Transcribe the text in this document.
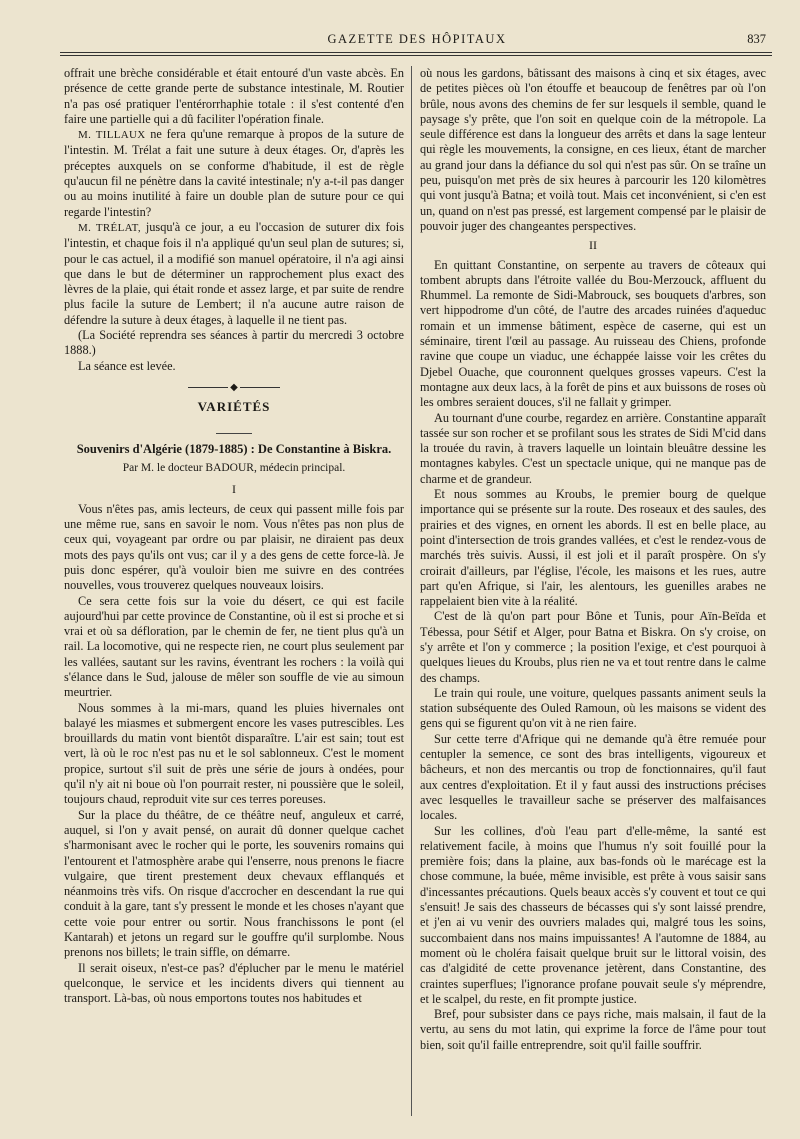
GAZETTE DES HÔPITAUX	837

offrait une brèche considérable et était entouré d'un vaste abcès. En présence de cette grande perte de substance intestinale, M. Routier n'a pas osé pratiquer l'entérorrhaphie totale : il s'est contenté d'en faire une partielle qui a dû faciliter l'opération finale.

M. TILLAUX ne fera qu'une remarque à propos de la suture de l'intestin. M. Trélat a fait une suture à deux étages. Or, d'après les préceptes auxquels on se conforme d'habitude, il est de règle qu'aucun fil ne pénètre dans la cavité intestinale; n'y a-t-il pas danger ou au moins inutilité à faire un double plan de suture pour ce qui regarde l'intestin?

M. TRÉLAT, jusqu'à ce jour, a eu l'occasion de suturer dix fois l'intestin, et chaque fois il n'a appliqué qu'un seul plan de sutures; si, pour le cas actuel, il a modifié son manuel opératoire, il n'a agi ainsi que dans le but de déterminer un rapprochement plus exact des lèvres de la plaie, qui était ronde et assez large, et par suite de rendre plus facile la suture de Lembert; il n'a aucune autre raison de défendre la suture à deux étages, à laquelle il ne tient pas.

(La Société reprendra ses séances à partir du mercredi 3 octobre 1888.)

La séance est levée.

◆
VARIÉTÉS
Souvenirs d'Algérie (1879-1885) : De Constantine à Biskra.
Par M. le docteur BADOUR, médecin principal.
I

Vous n'êtes pas, amis lecteurs, de ceux qui passent mille fois par une même rue, sans en savoir le nom. Vous n'êtes pas non plus de ceux qui, voyageant par ordre ou par plaisir, ne diraient pas deux mots des pays qu'ils ont vus; car il y a des gens de cette force-là. Je puis donc espérer, qu'à vouloir bien me suivre en des contrées nouvelles, vous trouverez quelques nouveaux loisirs.

Ce sera cette fois sur la voie du désert, ce qui est facile aujourd'hui par cette province de Constantine, où il est si proche et si vrai et où sa défloration, par le chemin de fer, ne tient plus qu'à un rail. La locomotive, qui ne respecte rien, ne court plus seulement par les vallées, sautant sur les ravins, éventrant les rochers : la voilà qui s'élance dans le Sud, jalouse de mêler son souffle de vie au simoun meurtrier.

Nous sommes à la mi-mars, quand les pluies hivernales ont balayé les miasmes et submergent encore les vases putrescibles. Les brouillards du matin vont bientôt disparaître. L'air est sain; tout est vert, là où le roc n'est pas nu et le sol sablonneux. C'est le moment propice, surtout s'il suit de près une série de jours à ondées, pour qu'il n'y ait ni boue où l'on pourrait rester, ni poussière que le soleil, toujours chaud, reproduit vite sur ces terres poreuses.

Sur la place du théâtre, de ce théâtre neuf, anguleux et carré, auquel, si l'on y avait pensé, on aurait dû donner quelque cachet s'harmonisant avec le rocher qui le porte, les souvenirs romains qui l'entourent et l'atmosphère arabe qui l'enserre, nous prenons le fiacre vulgaire, que tirent prestement deux chevaux efflanqués et néanmoins très vifs. On risque d'accrocher en descendant la rue qui conduit à la gare, tant s'y pressent le monde et les choses n'ayant que cette voie pour entrer ou sortir. Nous franchissons le pont (el Kantarah) et jetons un regard sur le gouffre qu'il surplombe. Nous prenons nos billets; le train siffle, on démarre.

Il serait oiseux, n'est-ce pas? d'éplucher par le menu le matériel quelconque, le service et les incidents divers qui tiennent au transport. Là-bas, où nous emportons toutes nos habitudes et

où nous les gardons, bâtissant des maisons à cinq et six étages, avec de petites pièces où l'on étouffe et beaucoup de fenêtres par où l'on brûle, nous avons des chemins de fer sur lesquels il semble, quand le paysage s'y prête, que l'on soit en quelque coin de la métropole. La seule différence est dans la longueur des arrêts et dans la sage lenteur qui règle les mouvements, la consigne, en ces lieux, étant de marcher au grand jour dans la défiance du sol qui n'est pas sûr. On se traîne un peu, puisqu'on met près de six heures à parcourir les 120 kilomètres qui vont jusqu'à Batna; et voilà tout. Mais cet inconvénient, si c'en est un, quand on n'est pas pressé, est largement compensé par le plaisir de pouvoir juger des changeantes perspectives.

II

En quittant Constantine, on serpente au travers de côteaux qui tombent abrupts dans l'étroite vallée du Bou-Merzouck, affluent du Rhummel. La remonte de Sidi-Mabrouck, ses bouquets d'arbres, son vert hippodrome d'un côté, de l'autre des arcades ruinées d'aqueduc romain et un immense bâtiment, espèce de caserne, qui est un séminaire, tirent l'œil au passage. Au ruisseau des Chiens, profonde ravine que coupe un viaduc, une échappée laisse voir les crêtes du Djebel Ouache, que couronnent quelques grosses vapeurs. C'est la montagne aux deux lacs, à la forêt de pins et aux buissons de roses où les ombres seraient douces, s'il ne fallait y grimper.

Au tournant d'une courbe, regardez en arrière. Constantine apparaît tassée sur son rocher et se profilant sous les strates de Sidi M'cid dans la trouée du ravin, à travers laquelle un lointain bleuâtre dessine les montagnes kabyles. C'est un spectacle unique, qui ne manque pas de charme et de grandeur.

Et nous sommes au Kroubs, le premier bourg de quelque importance qui se présente sur la route. Des roseaux et des saules, des prairies et des vignes, en ornent les abords. Il est en belle place, au point d'intersection de trois grandes vallées, et c'est le rendez-vous de marchés très suivis. Aussi, il est joli et il paraît prospère. On s'y croirait d'ailleurs, par l'église, l'école, les maisons et les rues, autre part qu'en Afrique, si l'air, les alentours, les guenilles arabes ne rappelaient bien vite à la réalité.

C'est de là qu'on part pour Bône et Tunis, pour Aïn-Beïda et Tébessa, pour Sétif et Alger, pour Batna et Biskra. On s'y croise, on s'y arrête et l'on y commerce ; la position l'exige, et c'est pourquoi à quelques lieues du Kroubs, plus rien ne va et tout rentre dans le calme des champs.

Le train qui roule, une voiture, quelques passants animent seuls la station subséquente des Ouled Ramoun, où les maisons se vident des gens qui se figurent qu'on vit à ne rien faire.

Sur cette terre d'Afrique qui ne demande qu'à être remuée pour centupler la semence, ce sont des bras intelligents, vigoureux et bâcheurs, et non des mercantis ou trop de fonctionnaires, qu'il faut aux centres d'exploitation. Et il y faut aussi des instructions précises avec lesquelles le travailleur sache se préserver des malfaisances locales.

Sur les collines, d'où l'eau part d'elle-même, la santé est relativement facile, à moins que l'humus n'y soit fouillé pour la première fois; dans la plaine, aux bas-fonds où le marécage est la chose commune, la buée, même invisible, est prête à vous saisir sans d'incessantes précautions. Quels beaux accès s'y couvent et tout ce qui s'ensuit! Je sais des chasseurs de bécasses qui s'y sont laissé prendre, et j'en ai vu venir des ouvriers malades qui, malgré tous les soins, succombaient dans nos mains impuissantes! A l'automne de 1884, au moment où le choléra faisait quelque bruit sur le littoral voisin, des cas d'algidité de cette provenance jetèrent, dans Constantine, des craintes superflues; l'ignorance profane pouvait seule s'y méprendre, et le scalpel, du reste, en fit prompte justice.

Bref, pour subsister dans ce pays riche, mais malsain, il faut de la vertu, au sens du mot latin, qui exprime la force de l'âme pour tout bien, soit qu'il faille entreprendre, soit qu'il faille souffrir.
